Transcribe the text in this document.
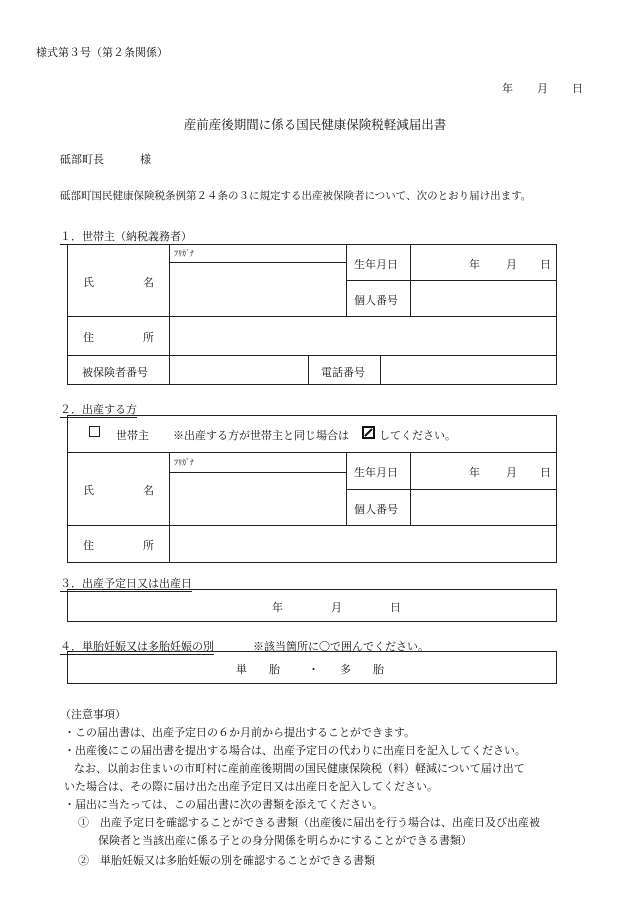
様式第３号（第２条関係）
年 月 日
産前産後期間に係る国民健康保険税軽減届出書
砥部町長	様
砥部町国民健康保険税条例第２４条の３に規定する出産被保険者について、次のとおり届け出ます。
１．世帯主（納税義務者）
ﾌﾘｶﾞﾅ
氏	名
生年月日	年 月 日
個人番号
住	所
被保険者番号	電話番号
２．出産する方
世帯主 ※出産する方が世帯主と同じ場合は	してください。
ﾌﾘｶﾞﾅ
氏	名
生年月日	年 月 日
個人番号
住	所
３．出産予定日又は出産日
年	月	日
４．単胎妊娠又は多胎妊娠の別	※該当箇所に〇で囲んでください。
単　　胎	・ 多　　胎
（注意事項）
・この届出書は、出産予定日の６か月前から提出することができます。
・出産後にこの届出書を提出する場合は、出産予定日の代わりに出産日を記入してください。
なお、以前お住まいの市町村に産前産後期間の国民健康保険税（料）軽減について届け出て
いた場合は、その際に届け出た出産予定日又は出産日を記入してください。
・届出に当たっては、この届出書に次の書類を添えてください。
①　出産予定日を確認することができる書類（出産後に届出を行う場合は、出産日及び出産被
保険者と当該出産に係る子との身分関係を明らかにすることができる書類）
②　単胎妊娠又は多胎妊娠の別を確認することができる書類
